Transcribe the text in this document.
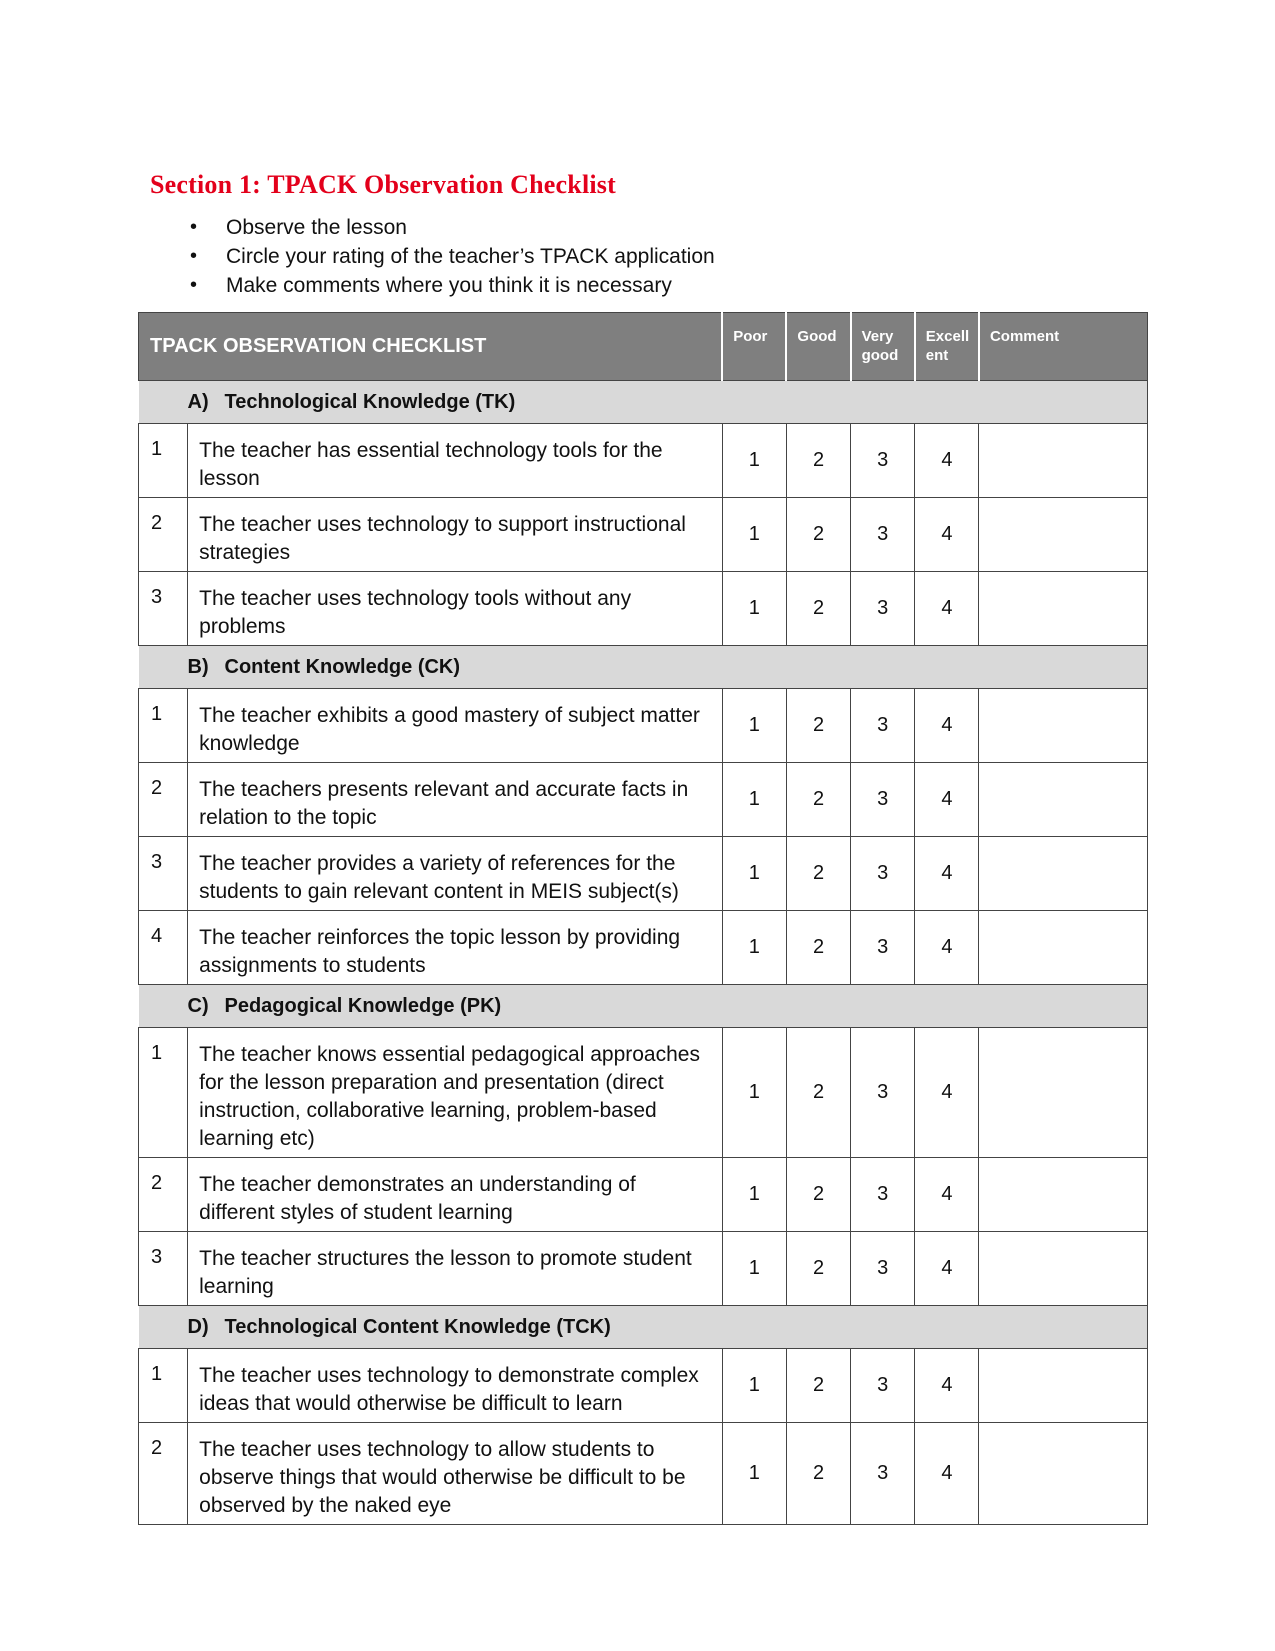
Section 1: TPACK Observation Checklist
• Observe the lesson
• Circle your rating of the teacher’s TPACK application
• Make comments where you think it is necessary
TPACK OBSERVATION CHECKLIST		Poor	Good	Very good	Excell ent	Comment
A) Technological Knowledge (TK)						
1	The teacher has essential technology tools for the lesson	1	2	3	4	
2	The teacher uses technology to support instructional strategies	1	2	3	4	
3	The teacher uses technology tools without any problems	1	2	3	4	
B) Content Knowledge (CK)						
1	The teacher exhibits a good mastery of subject matter knowledge	1	2	3	4	
2	The teachers presents relevant and accurate facts in relation to the topic	1	2	3	4	
3	The teacher provides a variety of references for the students to gain relevant content in MEIS subject(s)	1	2	3	4	
4	The teacher reinforces the topic lesson by providing assignments to students	1	2	3	4	
C) Pedagogical Knowledge (PK)						
1	The teacher knows essential pedagogical approaches for the lesson preparation and presentation (direct instruction, collaborative learning, problem-based learning etc)	1	2	3	4	
2	The teacher demonstrates an understanding of different styles of student learning	1	2	3	4	
3	The teacher structures the lesson to promote student learning	1	2	3	4	
D) Technological Content Knowledge (TCK)						
1	The teacher uses technology to demonstrate complex ideas that would otherwise be difficult to learn	1	2	3	4	
2	The teacher uses technology to allow students to observe things that would otherwise be difficult to be observed by the naked eye	1	2	3	4	
